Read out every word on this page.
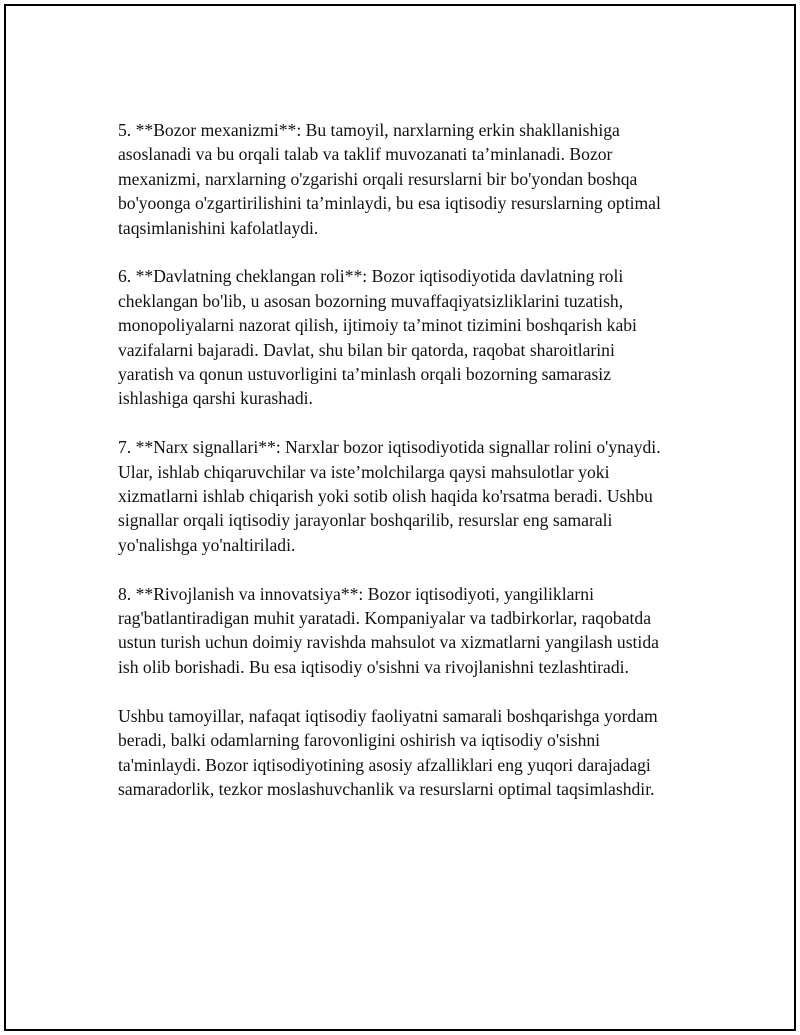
5. **Bozor mexanizmi**: Bu tamoyil, narxlarning erkin shakllanishiga
asoslanadi va bu orqali talab va taklif muvozanati ta’minlanadi. Bozor
mexanizmi, narxlarning o'zgarishi orqali resurslarni bir bo'yondan boshqa
bo'yoonga o'zgartirilishini ta’minlaydi, bu esa iqtisodiy resurslarning optimal
taqsimlanishini kafolatlaydi.

6. **Davlatning cheklangan roli**: Bozor iqtisodiyotida davlatning roli
cheklangan bo'lib, u asosan bozorning muvaffaqiyatsizliklarini tuzatish,
monopoliyalarni nazorat qilish, ijtimoiy ta’minot tizimini boshqarish kabi
vazifalarni bajaradi. Davlat, shu bilan bir qatorda, raqobat sharoitlarini
yaratish va qonun ustuvorligini ta’minlash orqali bozorning samarasiz
ishlashiga qarshi kurashadi.

7. **Narx signallari**: Narxlar bozor iqtisodiyotida signallar rolini o'ynaydi.
Ular, ishlab chiqaruvchilar va iste’molchilarga qaysi mahsulotlar yoki
xizmatlarni ishlab chiqarish yoki sotib olish haqida ko'rsatma beradi. Ushbu
signallar orqali iqtisodiy jarayonlar boshqarilib, resurslar eng samarali
yo'nalishga yo'naltiriladi.

8. **Rivojlanish va innovatsiya**: Bozor iqtisodiyoti, yangiliklarni
rag'batlantiradigan muhit yaratadi. Kompaniyalar va tadbirkorlar, raqobatda
ustun turish uchun doimiy ravishda mahsulot va xizmatlarni yangilash ustida
ish olib borishadi. Bu esa iqtisodiy o'sishni va rivojlanishni tezlashtiradi.

Ushbu tamoyillar, nafaqat iqtisodiy faoliyatni samarali boshqarishga yordam
beradi, balki odamlarning farovonligini oshirish va iqtisodiy o'sishni
ta'minlaydi. Bozor iqtisodiyotining asosiy afzalliklari eng yuqori darajadagi
samaradorlik, tezkor moslashuvchanlik va resurslarni optimal taqsimlashdir.
